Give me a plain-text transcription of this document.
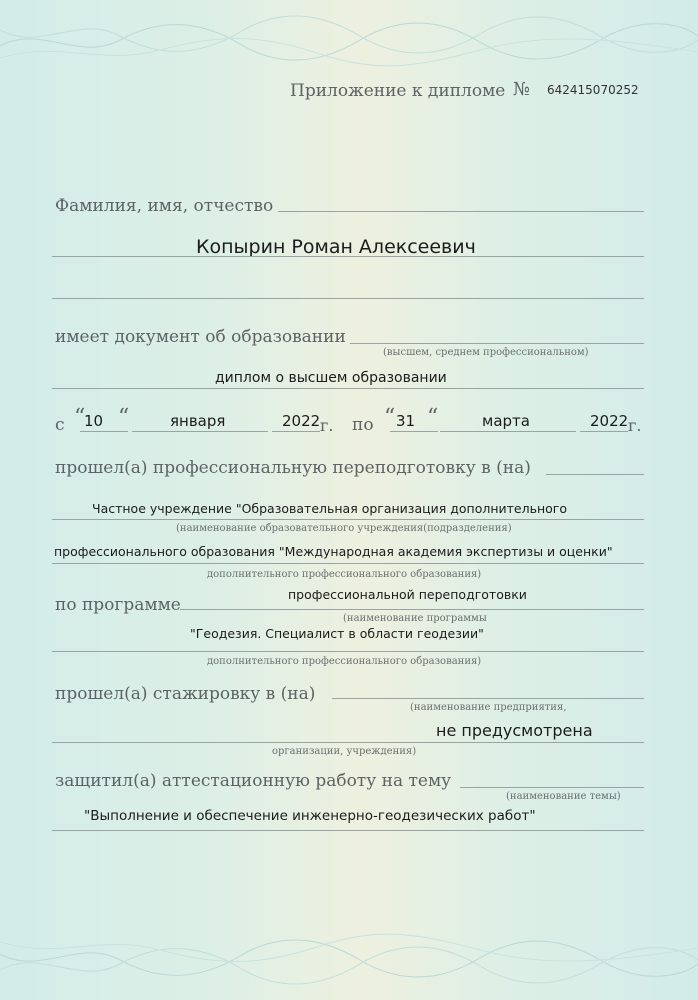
Приложение к дипломе № 642415070252
Фамилия, имя, отчество
Копырин Роман Алексеевич
имеет документ об образовании
(высшем, среднем профессиональном)
диплом о высшем образовании
с “
10 “	января	2022 г. по “ 31 “	марта	2022 г.
прошел(а) профессиональную переподготовку в (на)
Частное учреждение "Образовательная организация дополнительного
(наименование образовательного учреждения(подразделения)
профессионального образования "Международная академия экспертизы и оценки"
дополнительного профессионального образования)
по программе
профессиональной переподготовки
(наименование программы
"Геодезия. Специалист в области геодезии"
дополнительного профессионального образования)
прошел(а) стажировку в (на)
(наименование предприятия,
не предусмотрена
организации, учреждения)
защитил(а) аттестационную работу на тему
(наименование темы)
"Выполнение и обеспечение инженерно-геодезических работ"
